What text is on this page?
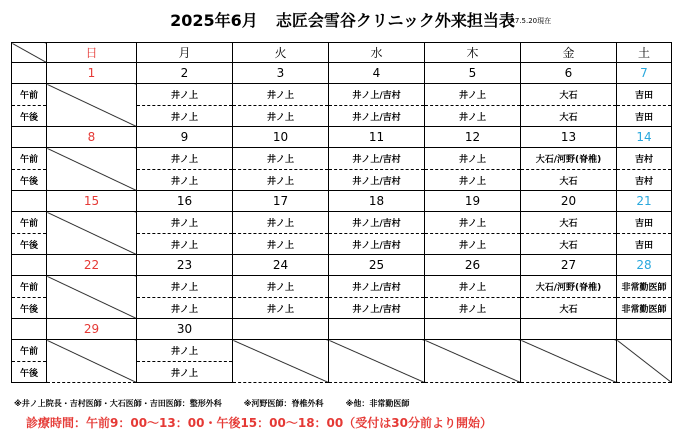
2025年6月 志匠会雪谷クリニック外来担当表
R7.5.20現在
	日	月	火	水	木	金	土
	1	2	3	4	5	6	7
午前		井ノ上	井ノ上	井ノ上/吉村	井ノ上	大石	吉田
午後		井ノ上	井ノ上	井ノ上/吉村	井ノ上	大石	吉田
	8	9	10	11	12	13	14
午前		井ノ上	井ノ上	井ノ上/吉村	井ノ上	大石/河野(脊椎)	吉村
午後		井ノ上	井ノ上	井ノ上/吉村	井ノ上	大石	吉村
	15	16	17	18	19	20	21
午前		井ノ上	井ノ上	井ノ上/吉村	井ノ上	大石	吉田
午後		井ノ上	井ノ上	井ノ上/吉村	井ノ上	大石	吉田
	22	23	24	25	26	27	28
午前		井ノ上	井ノ上	井ノ上/吉村	井ノ上	大石/河野(脊椎)	非常勤医師
午後		井ノ上	井ノ上	井ノ上/吉村	井ノ上	大石	非常勤医師
	29	30					
午前		井ノ上					
午後		井ノ上					
※井ノ上院長・吉村医師・大石医師・吉田医師：整形外科	※河野医師：脊椎外科	※他：非常勤医師
診療時間：午前9：00〜13：00・午後15：00〜18：00（受付は30分前より開始）
